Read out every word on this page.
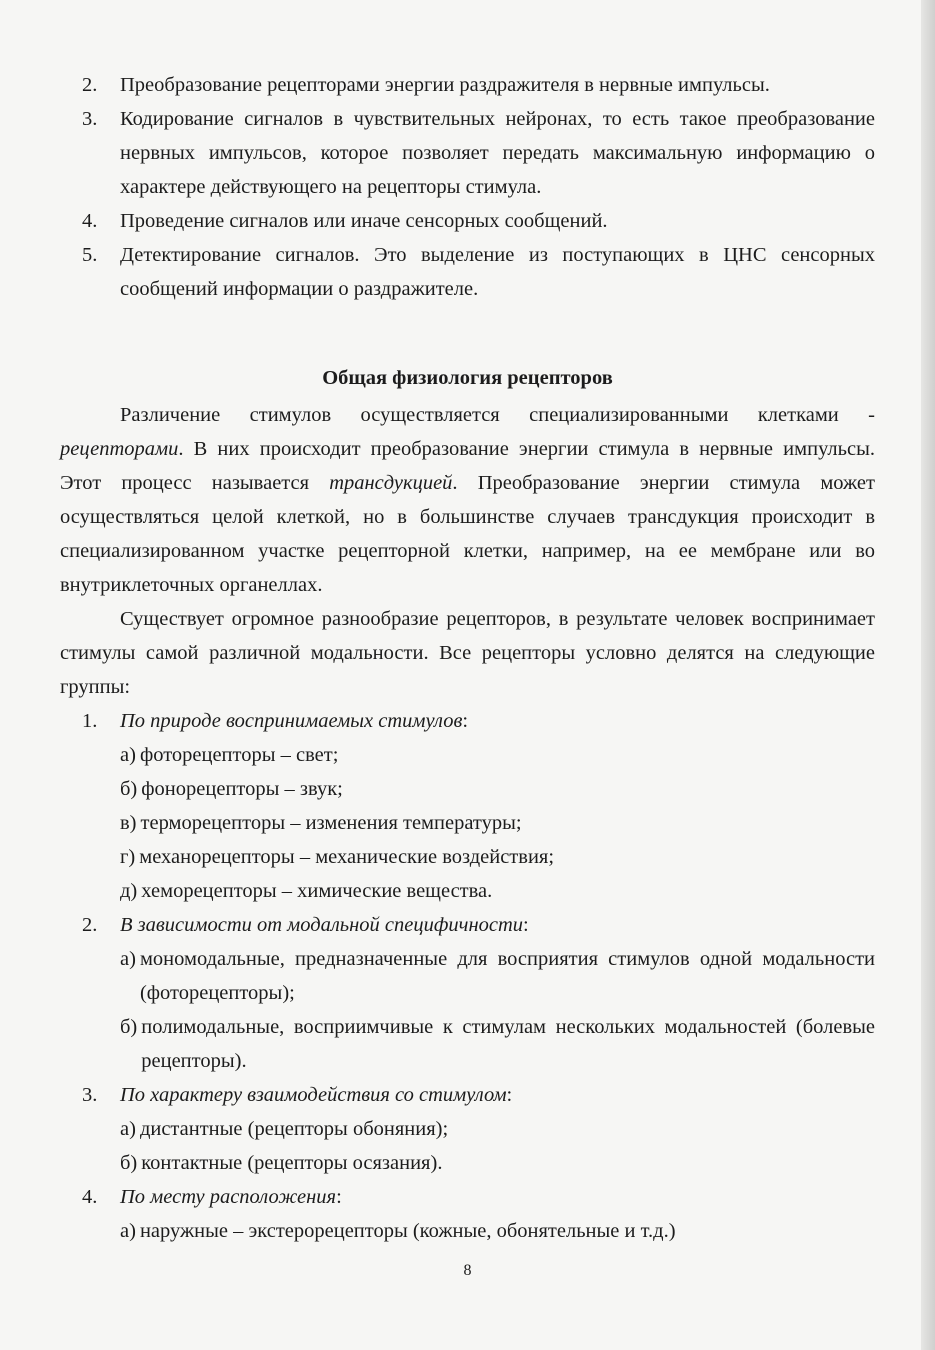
2.	Преобразование рецепторами энергии раздражителя в нервные импульсы.
3.	Кодирование сигналов в чувствительных нейронах, то есть такое преобразование нервных импульсов, которое позволяет передать максимальную информацию о характере действующего на рецепторы стимула.
4.	Проведение сигналов или иначе сенсорных сообщений.
5.	Детектирование сигналов. Это выделение из поступающих в ЦНС сенсорных сообщений информации о раздражителе.
Общая физиология рецепторов
Различение стимулов осуществляется специализированными клетками - рецепторами. В них происходит преобразование энергии стимула в нервные импульсы. Этот процесс называется трансдукцией. Преобразование энергии стимула может осуществляться целой клеткой, но в большинстве случаев трансдукция происходит в специализированном участке рецепторной клетки, например, на ее мембране или во внутриклеточных органеллах.
Существует огромное разнообразие рецепторов, в результате человек воспринимает стимулы самой различной модальности. Все рецепторы условно делятся на следующие группы:
1.	По природе воспринимаемых стимулов:
а) фоторецепторы – свет;
б) фонорецепторы – звук;
в) терморецепторы – изменения температуры;
г) механорецепторы – механические воздействия;
д) хеморецепторы – химические вещества.
2.	В зависимости от модальной специфичности:
а) мономодальные, предназначенные для восприятия стимулов одной модальности (фоторецепторы);
б) полимодальные, восприимчивые к стимулам нескольких модальностей (болевые рецепторы).
3.	По характеру взаимодействия со стимулом:
а) дистантные (рецепторы обоняния);
б) контактные (рецепторы осязания).
4.	По месту расположения:
а) наружные – экстерорецепторы (кожные, обонятельные и т.д.)
8
